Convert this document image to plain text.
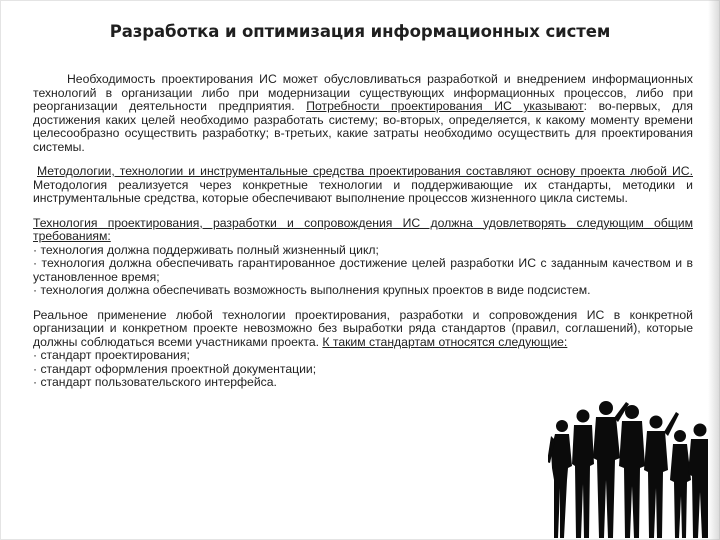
Разработка и оптимизация информационных систем

Необходимость проектирования ИС может обусловливаться разработкой и внедрением информационных технологий в организации либо при модернизации существующих информационных процессов, либо при реорганизации деятельности предприятия. Потребности проектирования ИС указывают: во-первых, для достижения каких целей необходимо разработать систему; во-вторых, определяется, к какому моменту времени целесообразно осуществить разработку; в-третьих, какие затраты необходимо осуществить для проектирования системы.

Методологии, технологии и инструментальные средства проектирования составляют основу проекта любой ИС. Методология реализуется через конкретные технологии и поддерживающие их стандарты, методики и инструментальные средства, которые обеспечивают выполнение процессов жизненного цикла системы.

Технология проектирования, разработки и сопровождения ИС должна удовлетворять следующим общим требованиям:

· технология должна поддерживать полный жизненный цикл;

· технология должна обеспечивать гарантированное достижение целей разработки ИС с заданным качеством и в установленное время;

· технология должна обеспечивать возможность выполнения крупных проектов в виде подсистем.

Реальное применение любой технологии проектирования, разработки и сопровождения ИС в конкретной организации и конкретном проекте невозможно без выработки ряда стандартов (правил, соглашений), которые должны соблюдаться всеми участниками проекта. К таким стандартам относятся следующие:

· стандарт проектирования;

· стандарт оформления проектной документации;

· стандарт пользовательского интерфейса.
